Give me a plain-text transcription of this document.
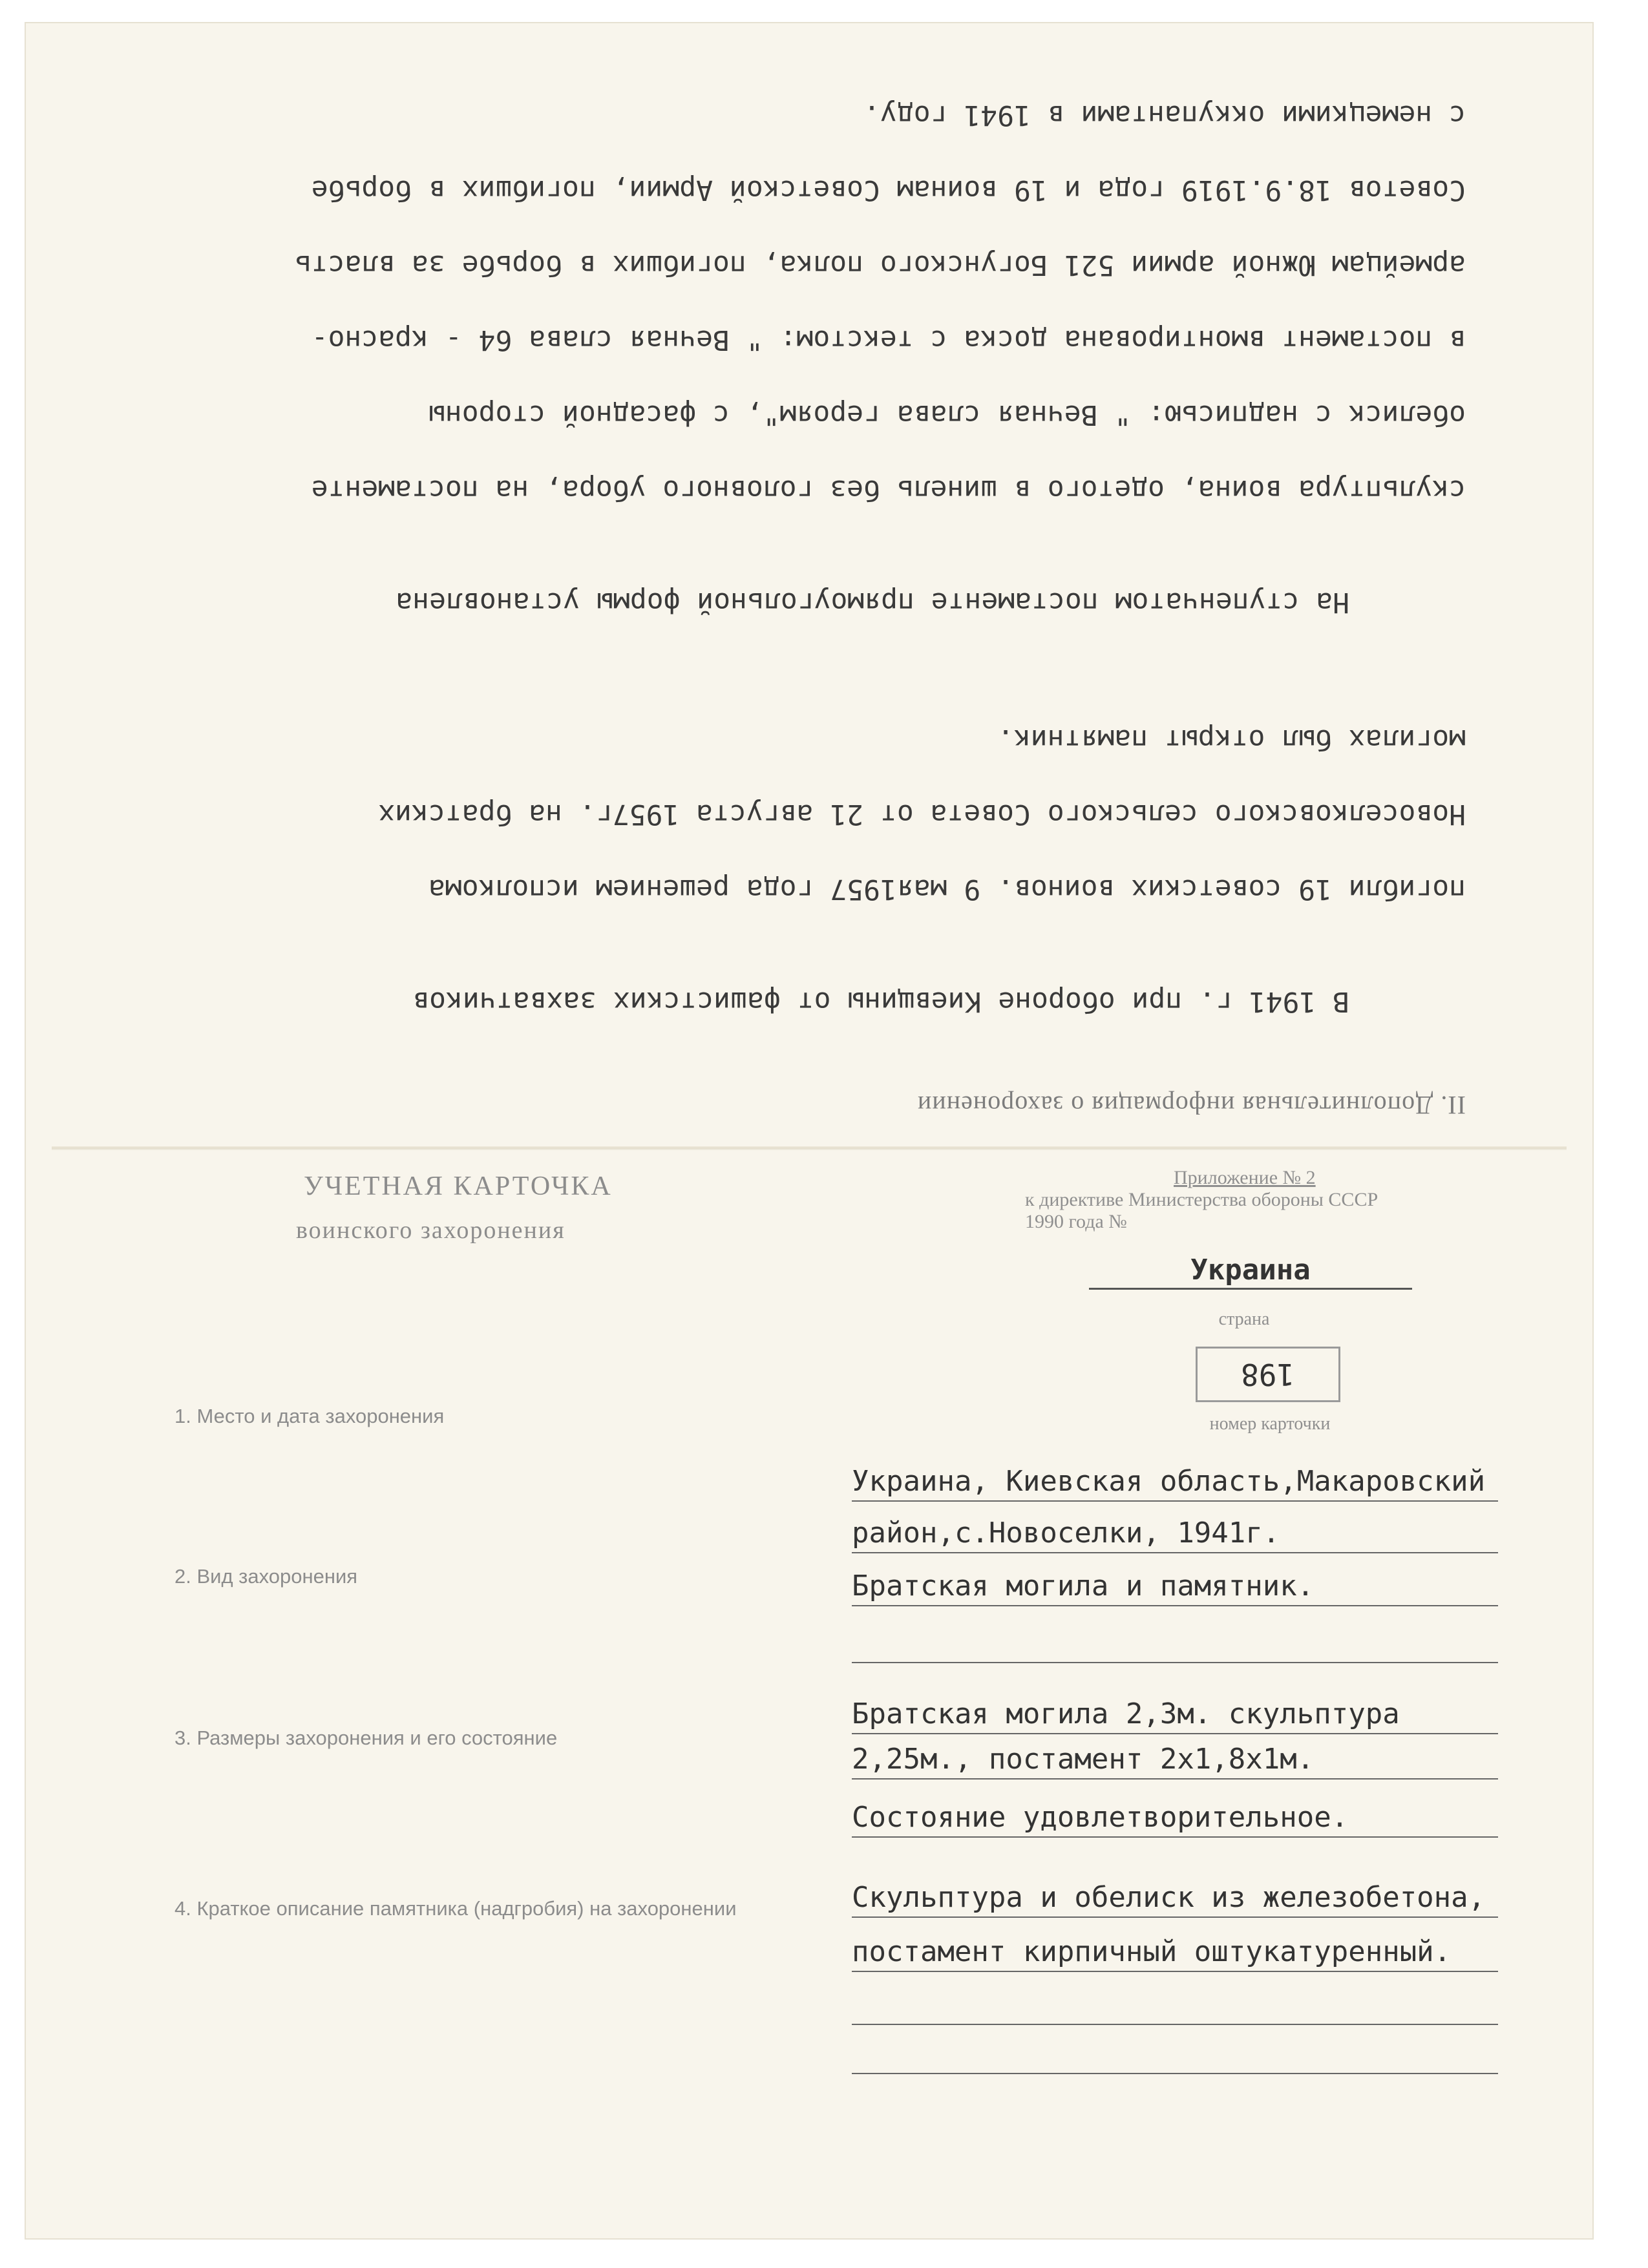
II. Дополнительная информация о захоронении

В 1941 г. при обороне Киевщины от фашистских захватчиков

погибли 19 советских воинов. 9 мая1957 года решением исполкома

Новоселковского сельского Совета от 21 августа 1957г. на братских

могилах был открыт памятник.

На ступенчатом постаменте прямоугольной формы установлена

скульптура воина, одетого в шинель без головного убора, на постаменте

обелиск с надписью: " Вечная слава героям", с фасадной стороны

в постамент вмонтирована доска с текстом: " Вечная слава 64 - красно-

армейцам Южной армии 521 Богунского полка, погибших в борьбе за власть

Советов 18.9.1919 года и 19 воинам Советской Армии, погибших в борьбе

с немецкими оккупантами в 1941 году.

УЧЕТНАЯ КАРТОЧКА
воинского захоронения
Приложение № 2
к директиве Министерства обороны СССР
1990 года №
Украина
страна
198
номер карточки
1. Место и дата захоронения
2. Вид захоронения
3. Размеры захоронения и его состояние
4. Краткое описание памятника (надгробия) на захоронении
Украина, Киевская область,Макаровский
район,с.Новоселки, 1941г.
Братская могила и памятник.
Братская могила 2,3м. скульптура
2,25м., постамент 2х1,8х1м.
Состояние удовлетворительное.
Скульптура и обелиск из железобетона,
постамент кирпичный оштукатуренный.
